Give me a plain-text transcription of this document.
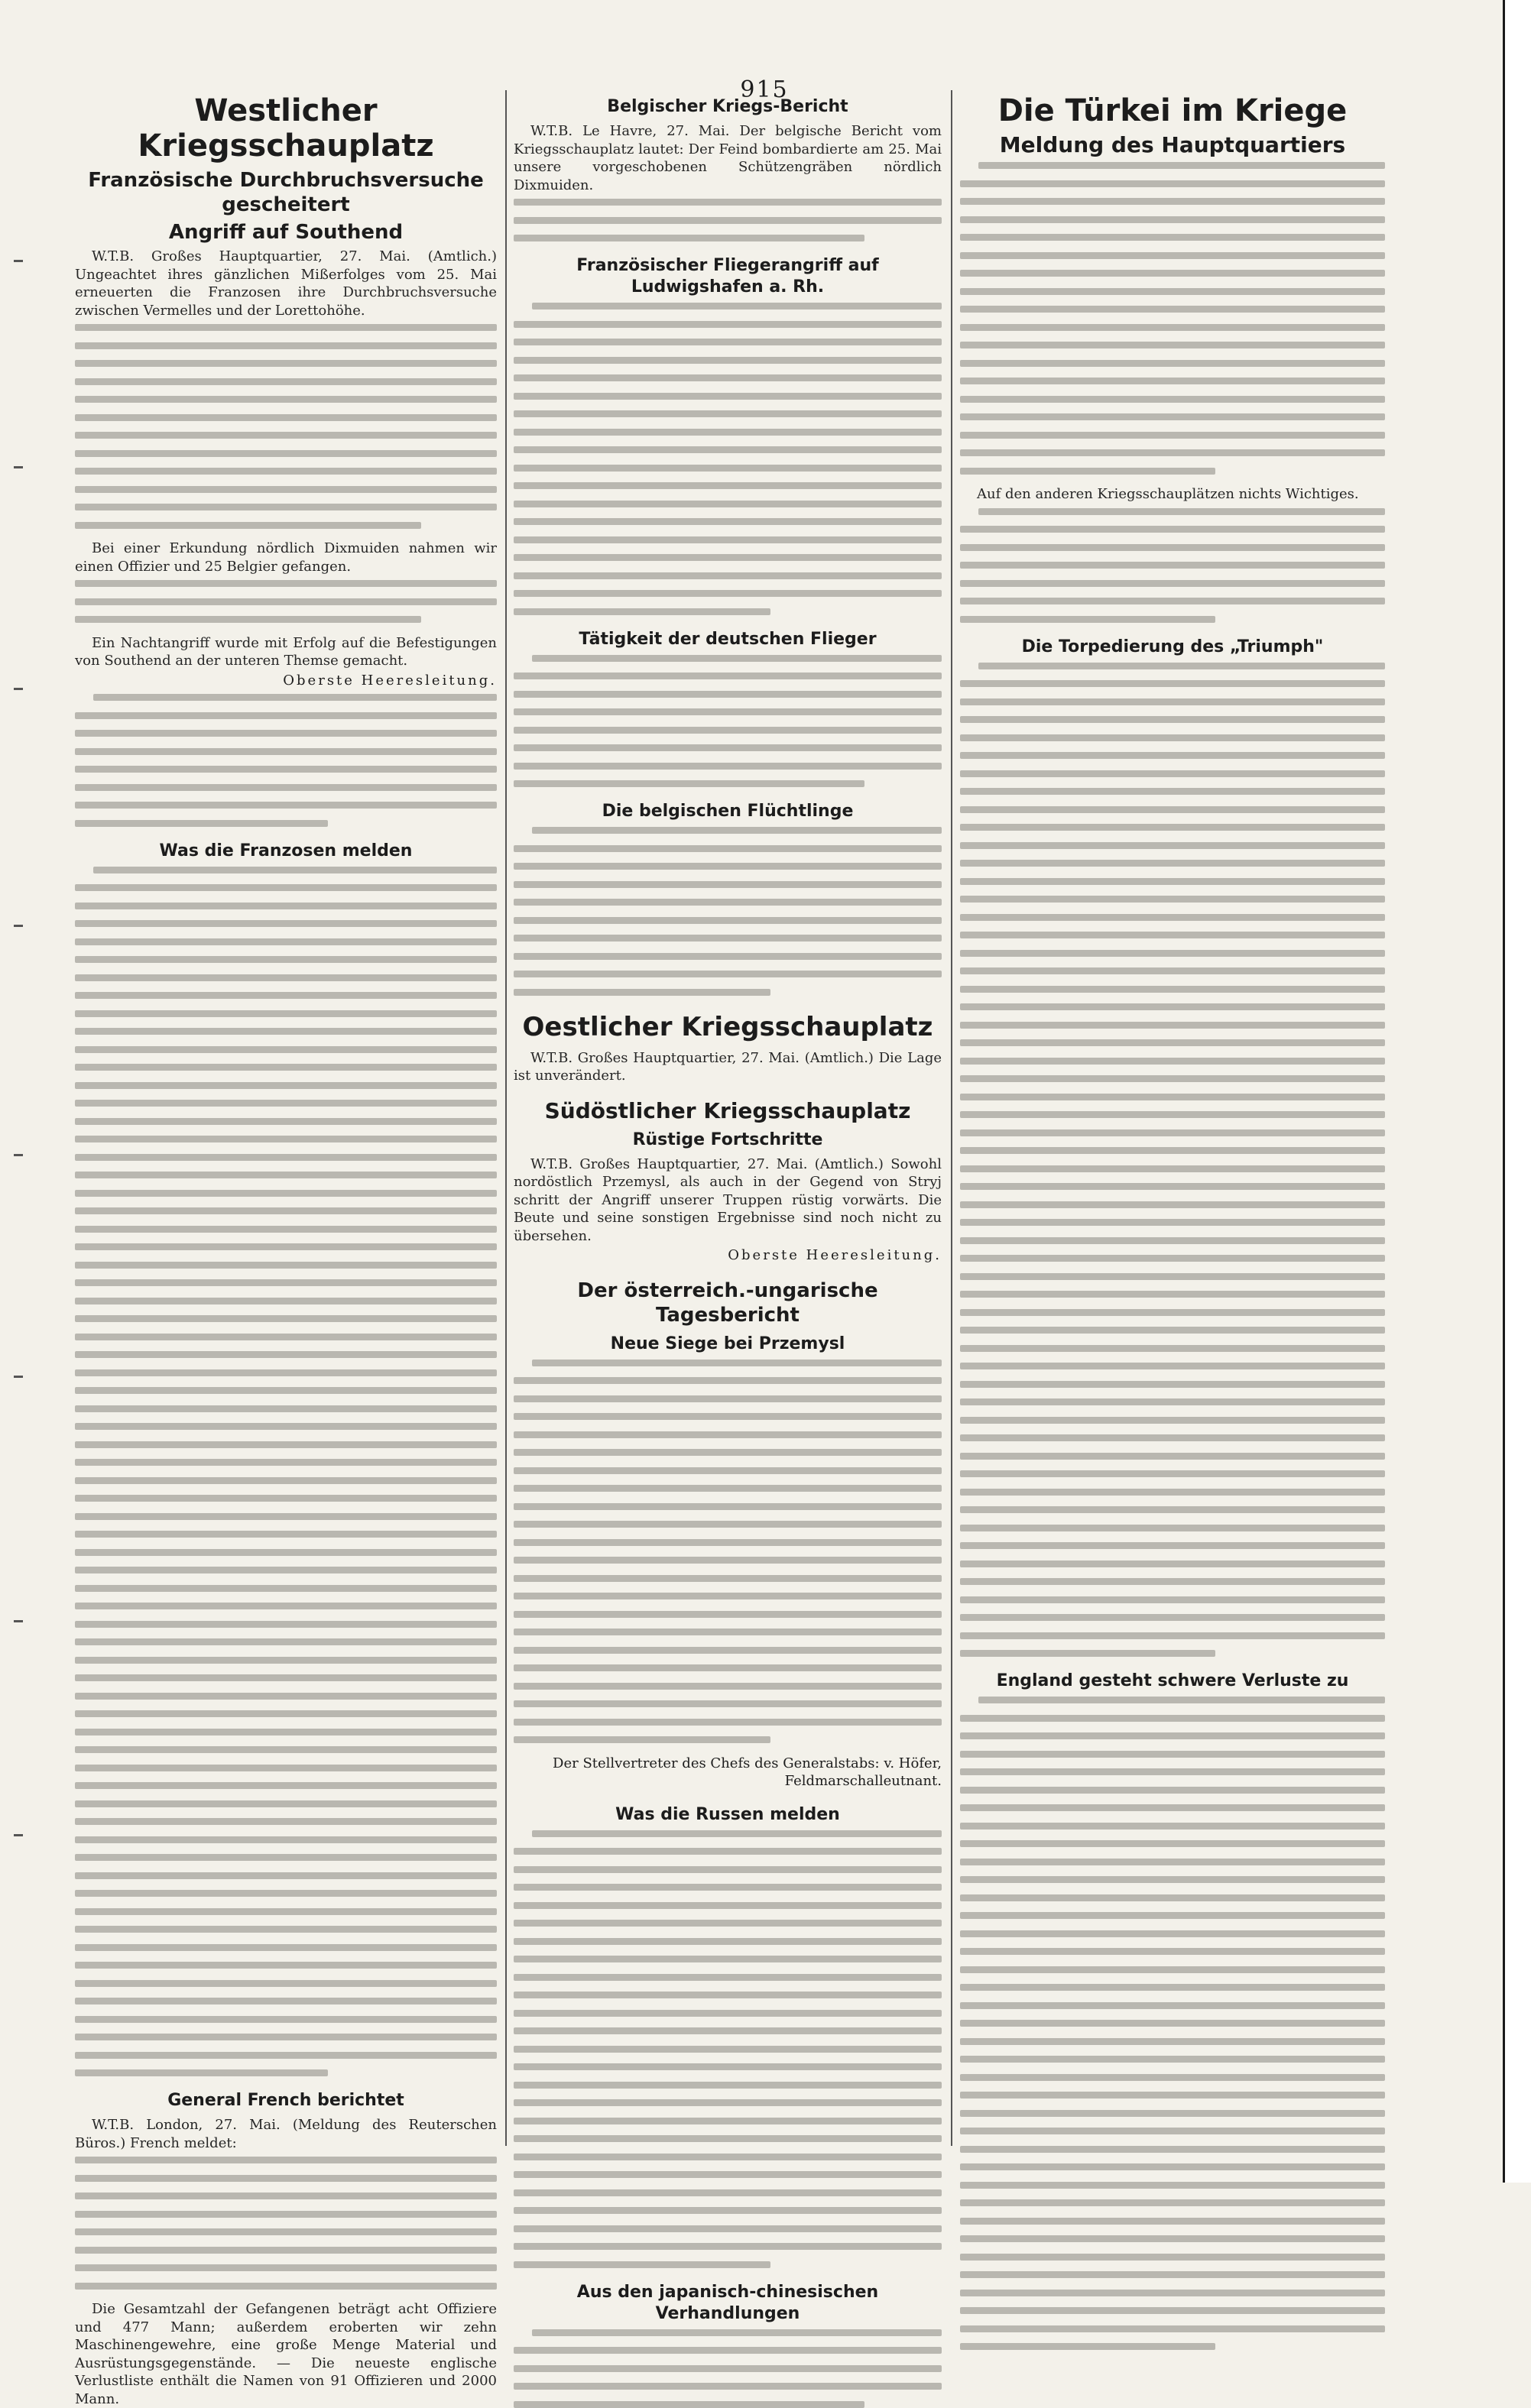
915
Westlicher Kriegsschauplatz
Französische Durchbruchsversuche gescheitert
Angriff auf Southend

W.T.B. Großes Hauptquartier, 27. Mai. (Amtlich.) Ungeachtet ihres gänzlichen Mißerfolges vom 25. Mai erneuerten die Franzosen ihre Durchbruchsversuche zwischen Vermelles und der Lorettohöhe.

Bei einer Erkundung nördlich Dixmuiden nahmen wir einen Offizier und 25 Belgier gefangen.

Ein Nachtangriff wurde mit Erfolg auf die Befestigungen von Southend an der unteren Themse gemacht.

Oberste Heeresleitung.
Was die Franzosen melden
General French berichtet

W.T.B. London, 27. Mai. (Meldung des Reuterschen Büros.) French meldet:

Die Gesamtzahl der Gefangenen beträgt acht Offiziere und 477 Mann; außerdem eroberten wir zehn Maschinengewehre, eine große Menge Material und Ausrüstungsgegenstände. — Die neueste englische Verlustliste enthält die Namen von 91 Offizieren und 2000 Mann.

Belgischer Kriegs-Bericht

W.T.B. Le Havre, 27. Mai. Der belgische Bericht vom Kriegsschauplatz lautet: Der Feind bombardierte am 25. Mai unsere vorgeschobenen Schützengräben nördlich Dixmuiden.

Französischer Fliegerangriff auf Ludwigshafen a. Rh.
Tätigkeit der deutschen Flieger
Die belgischen Flüchtlinge
Oestlicher Kriegsschauplatz

W.T.B. Großes Hauptquartier, 27. Mai. (Amtlich.) Die Lage ist unverändert.

Südöstlicher Kriegsschauplatz
Rüstige Fortschritte

W.T.B. Großes Hauptquartier, 27. Mai. (Amtlich.) Sowohl nordöstlich Przemysl, als auch in der Gegend von Stryj schritt der Angriff unserer Truppen rüstig vorwärts. Die Beute und seine sonstigen Ergebnisse sind noch nicht zu übersehen.

Oberste Heeresleitung.
Der österreich.-ungarische Tagesbericht
Neue Siege bei Przemysl
Der Stellvertreter des Chefs des Generalstabs: v. Höfer, Feldmarschalleutnant.
Was die Russen melden
Aus den japanisch-chinesischen Verhandlungen
Die Türkei im Kriege
Meldung des Hauptquartiers

Auf den anderen Kriegsschauplätzen nichts Wichtiges.

Die Torpedierung des „Triumph"
England gesteht schwere Verluste zu
